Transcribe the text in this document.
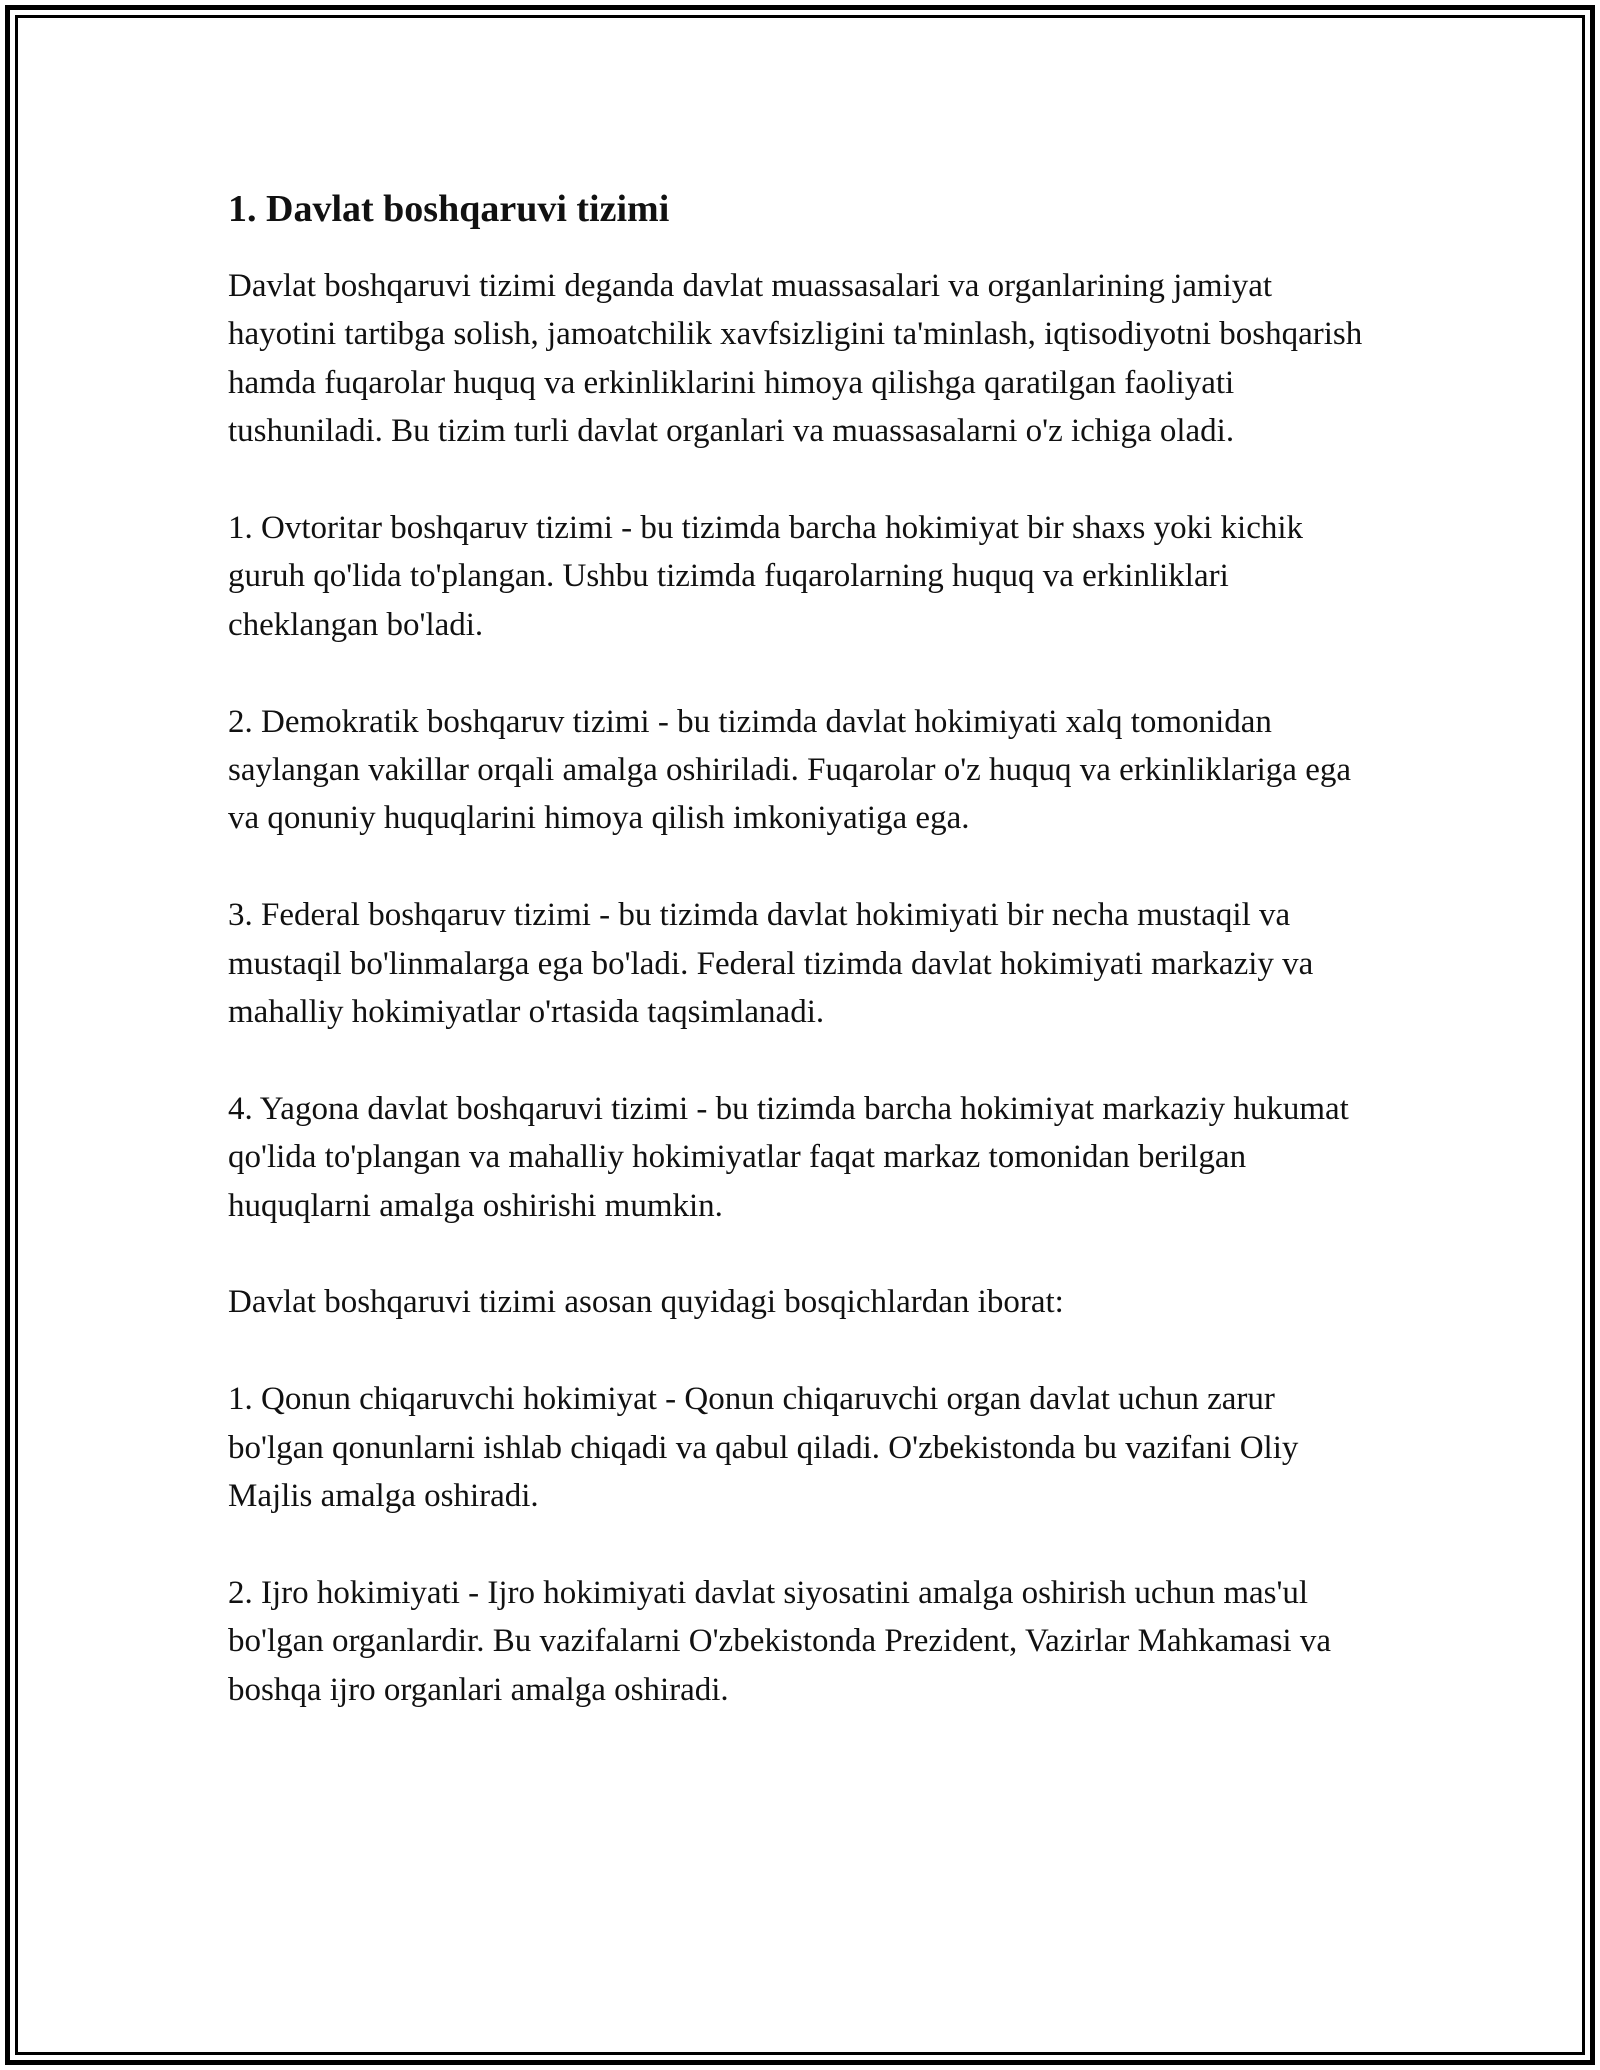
1. Davlat boshqaruvi tizimi

Davlat boshqaruvi tizimi deganda davlat muassasalari va organlarining jamiyat hayotini tartibga solish, jamoatchilik xavfsizligini ta'minlash, iqtisodiyotni boshqarish hamda fuqarolar huquq va erkinliklarini himoya qilishga qaratilgan faoliyati tushuniladi. Bu tizim turli davlat organlari va muassasalarni o'z ichiga oladi.

1. Ovtoritar boshqaruv tizimi - bu tizimda barcha hokimiyat bir shaxs yoki kichik guruh qo'lida to'plangan. Ushbu tizimda fuqarolarning huquq va erkinliklari cheklangan bo'ladi.

2. Demokratik boshqaruv tizimi - bu tizimda davlat hokimiyati xalq tomonidan saylangan vakillar orqali amalga oshiriladi. Fuqarolar o'z huquq va erkinliklariga ega va qonuniy huquqlarini himoya qilish imkoniyatiga ega.

3. Federal boshqaruv tizimi - bu tizimda davlat hokimiyati bir necha mustaqil va mustaqil bo'linmalarga ega bo'ladi. Federal tizimda davlat hokimiyati markaziy va mahalliy hokimiyatlar o'rtasida taqsimlanadi.

4. Yagona davlat boshqaruvi tizimi - bu tizimda barcha hokimiyat markaziy hukumat qo'lida to'plangan va mahalliy hokimiyatlar faqat markaz tomonidan berilgan huquqlarni amalga oshirishi mumkin.

Davlat boshqaruvi tizimi asosan quyidagi bosqichlardan iborat:

1. Qonun chiqaruvchi hokimiyat - Qonun chiqaruvchi organ davlat uchun zarur bo'lgan qonunlarni ishlab chiqadi va qabul qiladi. O'zbekistonda bu vazifani Oliy Majlis amalga oshiradi.

2. Ijro hokimiyati - Ijro hokimiyati davlat siyosatini amalga oshirish uchun mas'ul bo'lgan organlardir. Bu vazifalarni O'zbekistonda Prezident, Vazirlar Mahkamasi va boshqa ijro organlari amalga oshiradi.
